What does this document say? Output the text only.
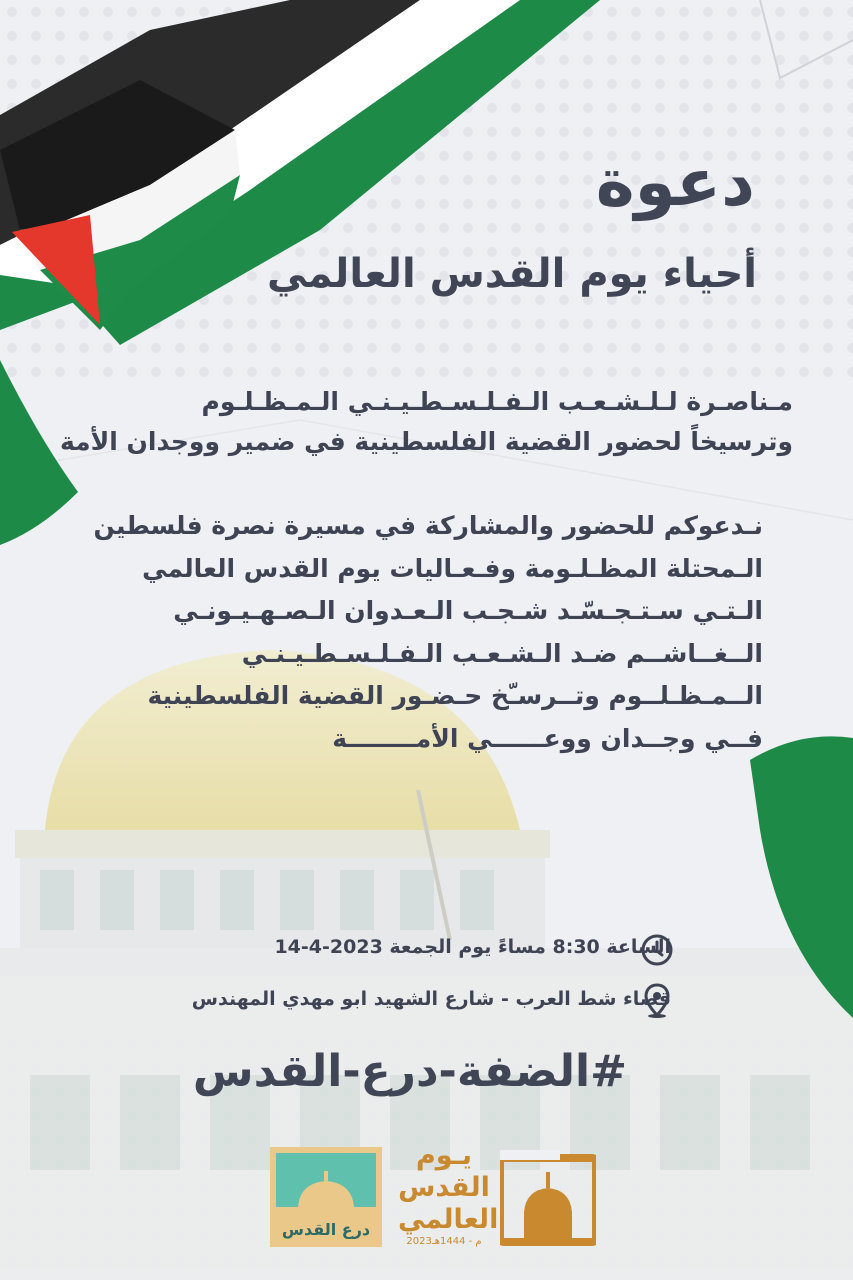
دعوة
أحياء يوم القدس العالمي
مـناصـرة لـلـشـعـب الـفـلـسـطـيـنـي الـمـظـلـوم
وترسيخاً لحضور القضية الفلسطينية في ضمير ووجدان الأمة
نـدعوكم للحضور والمشاركة في مسيرة نصرة فلسطين
الـمحتلة المظـلـومة وفـعـاليات يوم القدس العالمي
الـتـي سـتـجـسّـد شـجـب الـعـدوان الـصـهـيـونـي
الــغــاشــم ضـد الـشـعـب الـفـلـسـطـيـنـي
الــمـظـلــوم وتــرسـّخ حـضـور القضية الفلسطينية
فــي وجــدان ووعــــــي الأمــــــــة
الساعة 8:30 مساءً يوم الجمعة 2023-4-14
قضاء شط العرب - شارع الشهيد ابو مهدي المهندس
#الضفة-درع-القدس
درع القدس
يـوم
القدس
العالمي
2023م - 1444هـ
